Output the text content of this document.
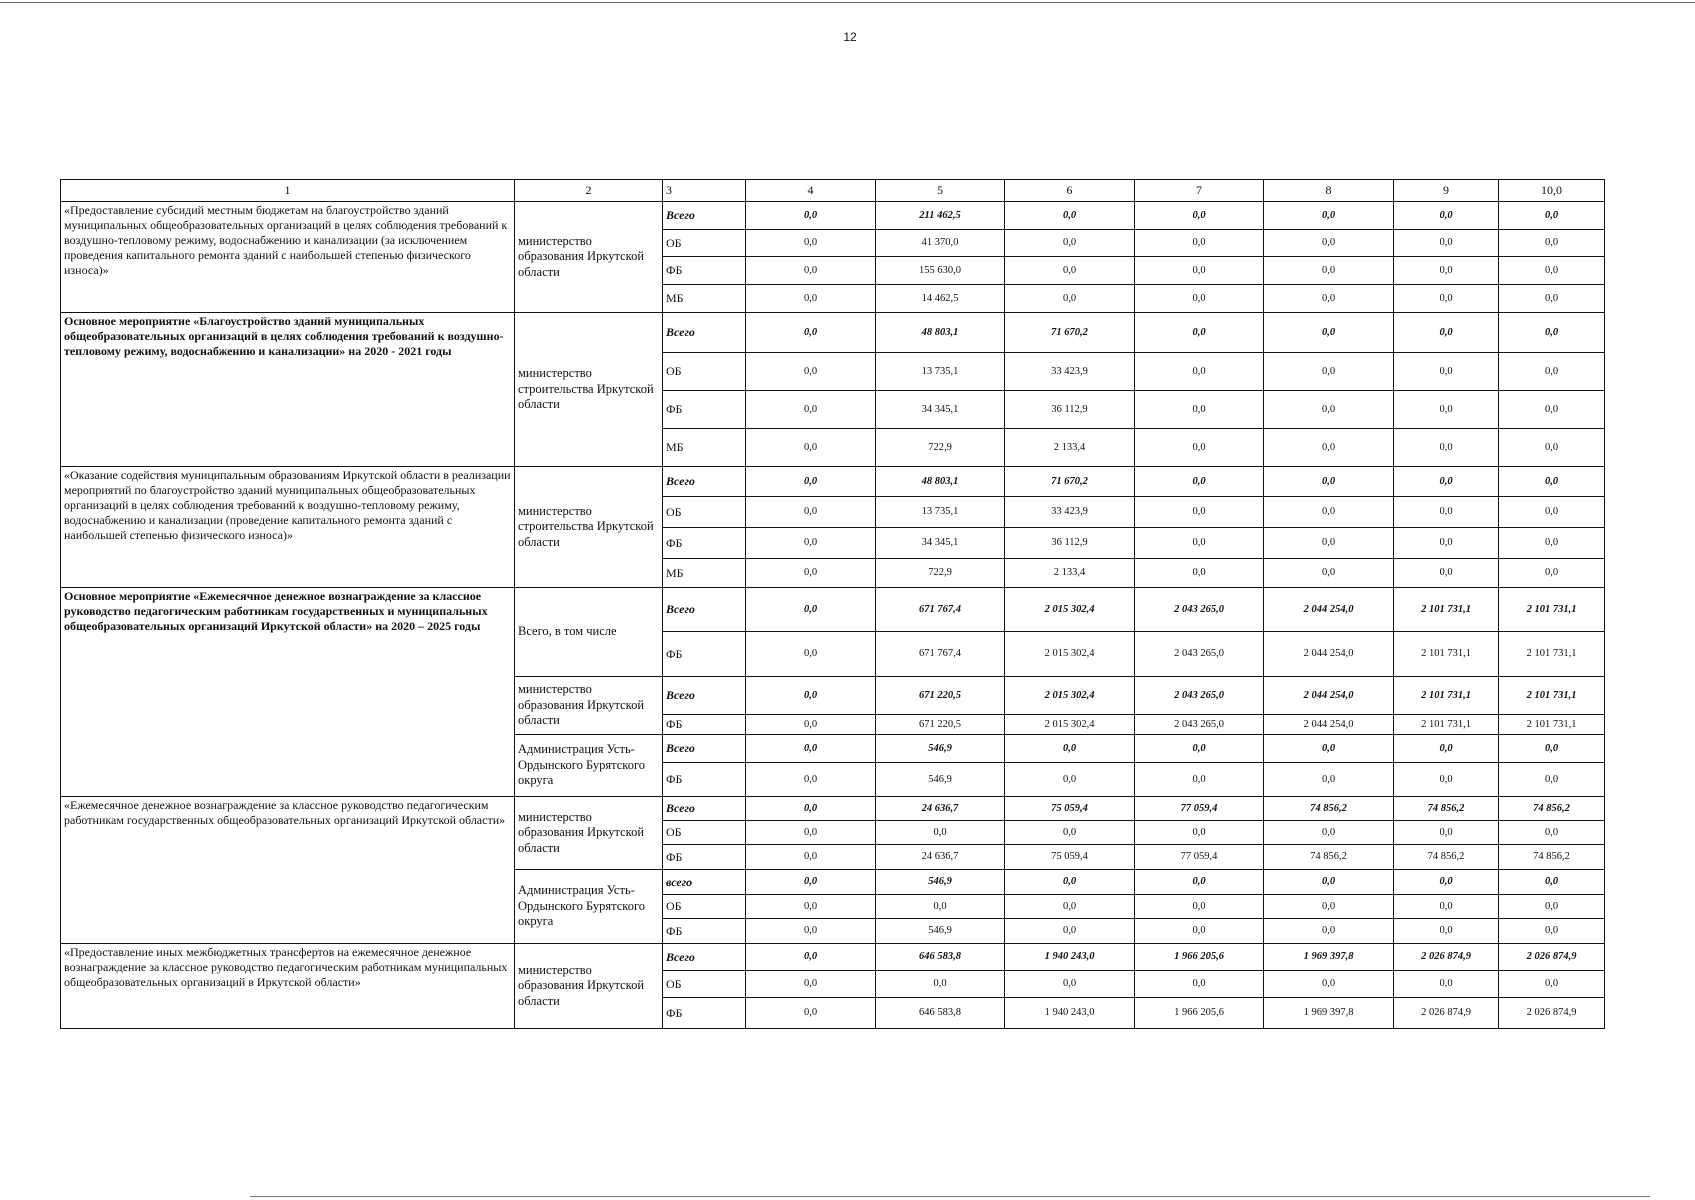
12
1	2	3	4	5	6	7	8	9	10,0
«Предоставление субсидий местным бюджетам на благоустройство зданий муниципальных общеобразовательных организаций в целях соблюдения требований к воздушно-тепловому режиму, водоснабжению и канализации (за исключением проведения капитального ремонта зданий с наибольшей степенью физического износа)»	министерство образования Иркутской области	Всего	0,0	211 462,5	0,0	0,0	0,0	0,0	0,0
		ОБ	0,0	41 370,0	0,0	0,0	0,0	0,0	0,0
		ФБ	0,0	155 630,0	0,0	0,0	0,0	0,0	0,0
		МБ	0,0	14 462,5	0,0	0,0	0,0	0,0	0,0
Основное мероприятие «Благоустройство зданий муниципальных общеобразовательных организаций в целях соблюдения требований к воздушно-тепловому режиму, водоснабжению и канализации» на 2020 - 2021 годы	министерство строительства Иркутской области	Всего	0,0	48 803,1	71 670,2	0,0	0,0	0,0	0,0
		ОБ	0,0	13 735,1	33 423,9	0,0	0,0	0,0	0,0
		ФБ	0,0	34 345,1	36 112,9	0,0	0,0	0,0	0,0
		МБ	0,0	722,9	2 133,4	0,0	0,0	0,0	0,0
«Оказание содействия муниципальным образованиям Иркутской области в реализации мероприятий по благоустройство зданий муниципальных общеобразовательных организаций в целях соблюдения требований к воздушно-тепловому режиму, водоснабжению и канализации (проведение капитального ремонта зданий с наибольшей степенью физического износа)»	министерство строительства Иркутской области	Всего	0,0	48 803,1	71 670,2	0,0	0,0	0,0	0,0
		ОБ	0,0	13 735,1	33 423,9	0,0	0,0	0,0	0,0
		ФБ	0,0	34 345,1	36 112,9	0,0	0,0	0,0	0,0
		МБ	0,0	722,9	2 133,4	0,0	0,0	0,0	0,0
Основное мероприятие «Ежемесячное денежное вознаграждение за классное руководство педагогическим работникам государственных и муниципальных общеобразовательных организаций Иркутской области» на 2020 – 2025 годы	Всего, в том числе	Всего	0,0	671 767,4	2 015 302,4	2 043 265,0	2 044 254,0	2 101 731,1	2 101 731,1
		ФБ	0,0	671 767,4	2 015 302,4	2 043 265,0	2 044 254,0	2 101 731,1	2 101 731,1
	министерство образования Иркутской области	Всего	0,0	671 220,5	2 015 302,4	2 043 265,0	2 044 254,0	2 101 731,1	2 101 731,1
		ФБ	0,0	671 220,5	2 015 302,4	2 043 265,0	2 044 254,0	2 101 731,1	2 101 731,1
	Администрация Усть-Ордынского Бурятского округа	Всего	0,0	546,9	0,0	0,0	0,0	0,0	0,0
		ФБ	0,0	546,9	0,0	0,0	0,0	0,0	0,0
«Ежемесячное денежное вознаграждение за классное руководство педагогическим работникам государственных общеобразовательных организаций Иркутской области»	министерство образования Иркутской области	Всего	0,0	24 636,7	75 059,4	77 059,4	74 856,2	74 856,2	74 856,2
		ОБ	0,0	0,0	0,0	0,0	0,0	0,0	0,0
		ФБ	0,0	24 636,7	75 059,4	77 059,4	74 856,2	74 856,2	74 856,2
	Администрация Усть-Ордынского Бурятского округа	всего	0,0	546,9	0,0	0,0	0,0	0,0	0,0
		ОБ	0,0	0,0	0,0	0,0	0,0	0,0	0,0
		ФБ	0,0	546,9	0,0	0,0	0,0	0,0	0,0
«Предоставление иных межбюджетных трансфертов на ежемесячное денежное вознаграждение за классное руководство педагогическим работникам муниципальных общеобразовательных организаций в Иркутской области»	министерство образования Иркутской области	Всего	0,0	646 583,8	1 940 243,0	1 966 205,6	1 969 397,8	2 026 874,9	2 026 874,9
		ОБ	0,0	0,0	0,0	0,0	0,0	0,0	0,0
		ФБ	0,0	646 583,8	1 940 243,0	1 966 205,6	1 969 397,8	2 026 874,9	2 026 874,9
